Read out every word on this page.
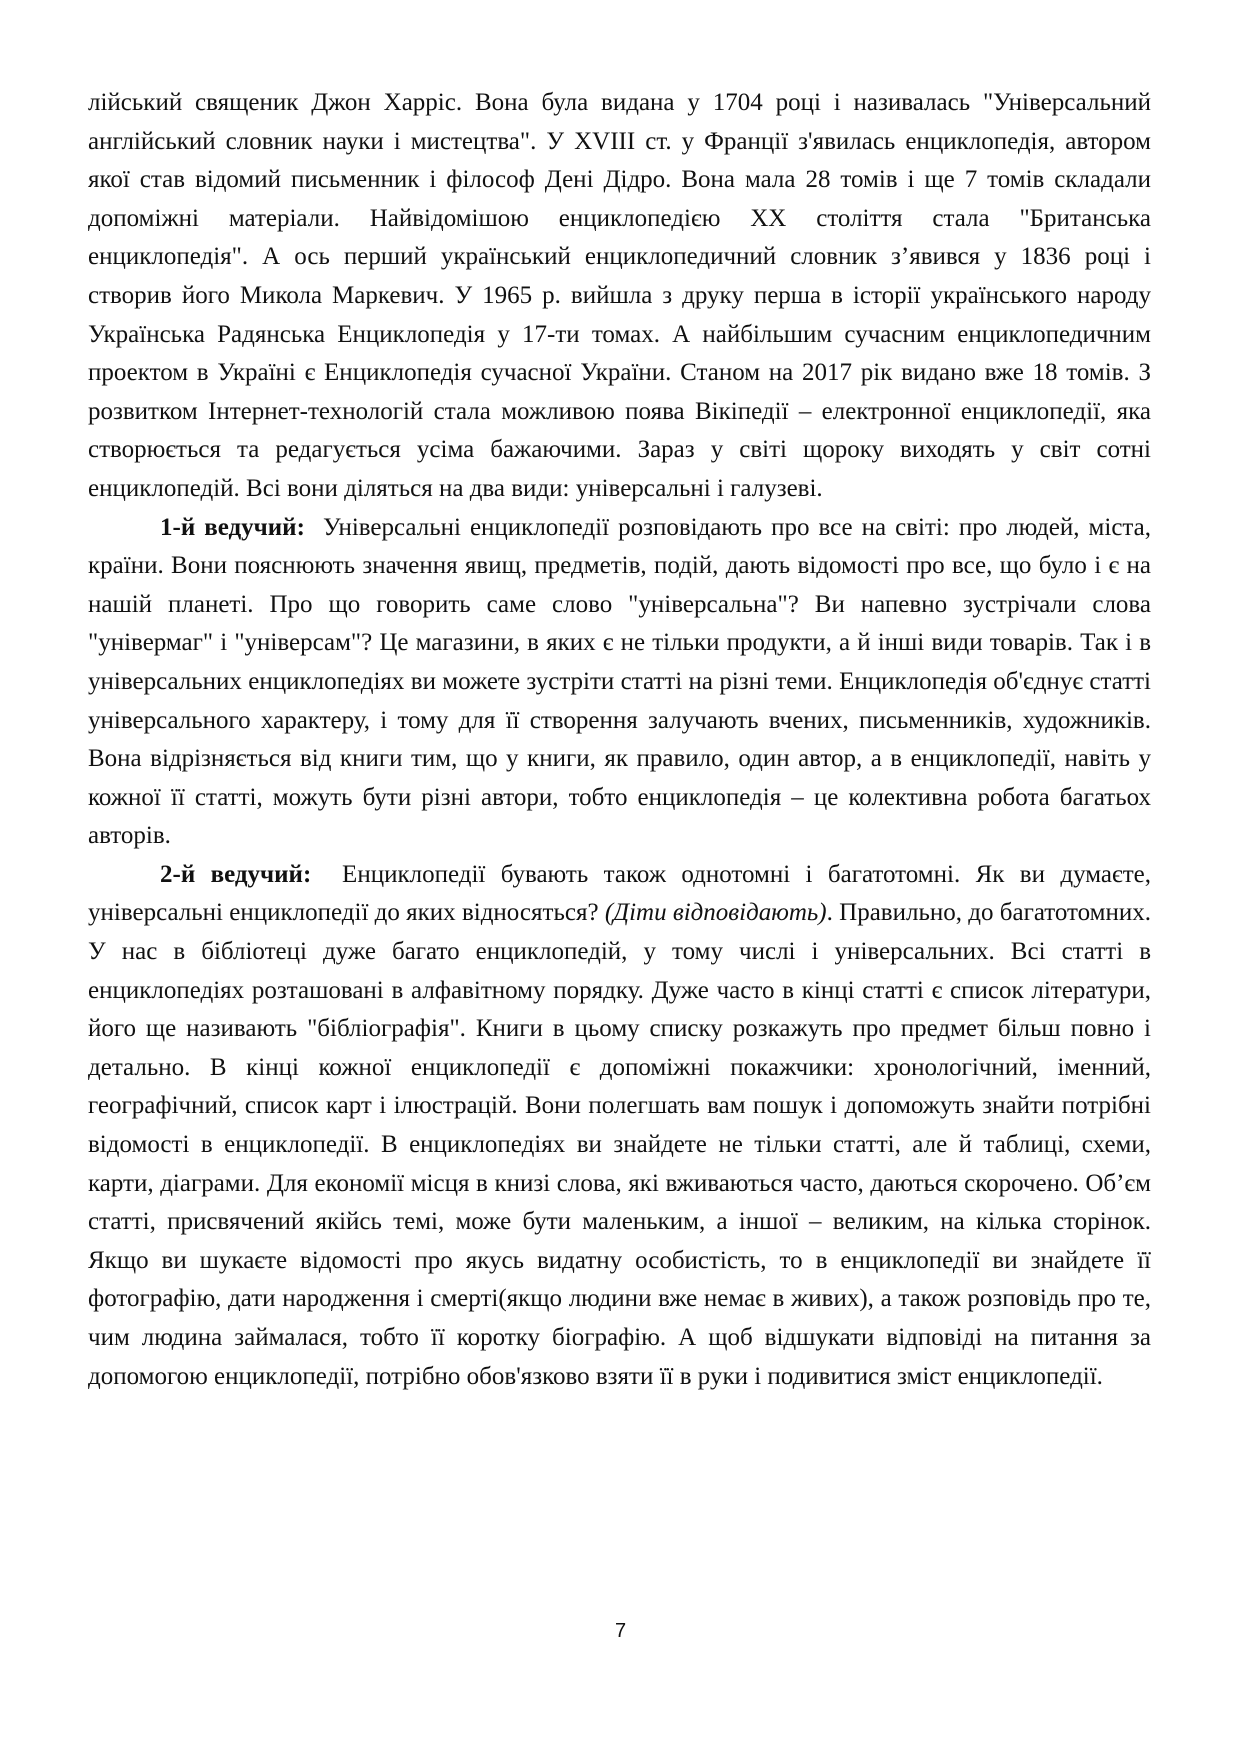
лійський священик Джон Харріс. Вона була видана у 1704 році і називалась "Універсальний англійський словник науки і мистецтва". У XVIII ст. у Франції з'явилась енциклопедія, автором якої став відомий письменник і філософ Дені Дідро. Вона мала 28 томів і ще 7 томів складали допоміжні матеріали. Найвідомішою енциклопедією XX століття стала "Британська енциклопедія". А ось перший український енциклопедичний словник з’явився у 1836 році і створив його Микола Маркевич. У 1965 р. вийшла з друку перша в історії українського народу Українська Радянська Енциклопедія у 17-ти томах. А найбільшим сучасним енциклопедичним проектом в Україні є Енциклопедія сучасної України. Станом на 2017 рік видано вже 18 томів. З розвитком Інтернет-технологій стала можливою поява Вікіпедії – електронної енциклопедії, яка створюється та редагується усіма бажаючими. Зараз у світі щороку виходять у світ сотні енциклопедій. Всі вони діляться на два види: універсальні і галузеві.

1-й ведучий: Універсальні енциклопедії розповідають про все на світі: про людей, міста, країни. Вони пояснюють значення явищ, предметів, подій, дають відомості про все, що було і є на нашій планеті. Про що говорить саме слово "універсальна"? Ви напевно зустрічали слова "універмаг" і "універсам"? Це магазини, в яких є не тільки продукти, а й інші види товарів. Так і в універсальних енциклопедіях ви можете зустріти статті на різні теми. Енциклопедія об'єднує статті універсального характеру, і тому для її створення залучають вчених, письменників, художників. Вона відрізняється від книги тим, що у книги, як правило, один автор, а в енциклопедії, навіть у кожної її статті, можуть бути різні автори, тобто енциклопедія – це колективна робота багатьох авторів.

2-й ведучий: Енциклопедії бувають також однотомні і багатотомні. Як ви думаєте, універсальні енциклопедії до яких відносяться? (Діти відповідають). Правильно, до багатотомних. У нас в бібліотеці дуже багато енциклопедій, у тому числі і універсальних. Всі статті в енциклопедіях розташовані в алфавітному порядку. Дуже часто в кінці статті є список літератури, його ще називають "бібліографія". Книги в цьому списку розкажуть про предмет більш повно і детально. В кінці кожної енциклопедії є допоміжні покажчики: хронологічний, іменний, географічний, список карт і ілюстрацій. Вони полегшать вам пошук і допоможуть знайти потрібні відомості в енциклопедії. В енциклопедіях ви знайдете не тільки статті, але й таблиці, схеми, карти, діаграми. Для економії місця в книзі слова, які вживаються часто, даються скорочено. Об’єм статті, присвячений якійсь темі, може бути маленьким, а іншої – великим, на кілька сторінок. Якщо ви шукаєте відомості про якусь видатну особистість, то в енциклопедії ви знайдете її фотографію, дати народження і смерті(якщо людини вже немає в живих), а також розповідь про те, чим людина займалася, тобто її коротку біографію. А щоб відшукати відповіді на питання за допомогою енциклопедії, потрібно обов'язково взяти її в руки і подивитися зміст енциклопедії.

7
